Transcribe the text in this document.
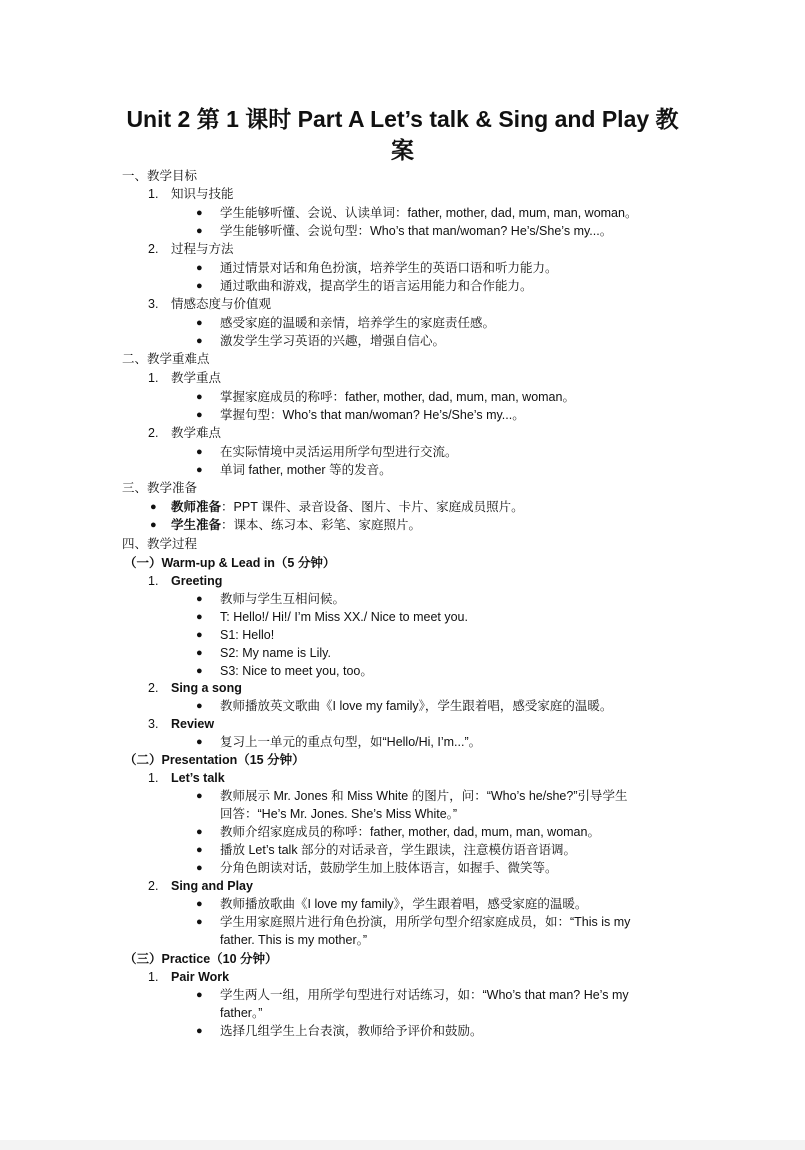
Unit 2 第 1 课时 Part A Let’s talk & Sing and Play 教案
一、教学目标
1. 知识与技能
● 学生能够听懂、会说、认读单词：father, mother, dad, mum, man, woman。
● 学生能够听懂、会说句型：Who’s that man/woman? He’s/She’s my...。
2. 过程与方法
● 通过情景对话和角色扮演，培养学生的英语口语和听力能力。
● 通过歌曲和游戏，提高学生的语言运用能力和合作能力。
3. 情感态度与价值观
● 感受家庭的温暖和亲情，培养学生的家庭责任感。
● 激发学生学习英语的兴趣，增强自信心。
二、教学重难点
1. 教学重点
● 掌握家庭成员的称呼：father, mother, dad, mum, man, woman。
● 掌握句型：Who’s that man/woman? He’s/She’s my...。
2. 教学难点
● 在实际情境中灵活运用所学句型进行交流。
● 单词 father, mother 等的发音。
三、教学准备
● 教师准备：PPT 课件、录音设备、图片、卡片、家庭成员照片。
● 学生准备：课本、练习本、彩笔、家庭照片。
四、教学过程
（一）Warm-up & Lead in（5 分钟）
1. Greeting
● 教师与学生互相问候。
● T: Hello!/ Hi!/ I’m Miss XX./ Nice to meet you.
● S1: Hello!
● S2: My name is Lily.
● S3: Nice to meet you, too。
2. Sing a song
● 教师播放英文歌曲《I love my family》，学生跟着唱，感受家庭的温暖。
3. Review
● 复习上一单元的重点句型，如“Hello/Hi, I’m...”。
（二）Presentation（15 分钟）
1. Let’s talk
● 教师展示 Mr. Jones 和 Miss White 的图片，问：“Who’s he/she?”引导学生
回答：“He’s Mr. Jones. She’s Miss White。”
● 教师介绍家庭成员的称呼：father, mother, dad, mum, man, woman。
● 播放 Let’s talk 部分的对话录音，学生跟读，注意模仿语音语调。
● 分角色朗读对话，鼓励学生加上肢体语言，如握手、微笑等。
2. Sing and Play
● 教师播放歌曲《I love my family》，学生跟着唱，感受家庭的温暖。
● 学生用家庭照片进行角色扮演，用所学句型介绍家庭成员，如：“This is my
father. This is my mother。”
（三）Practice（10 分钟）
1. Pair Work
● 学生两人一组，用所学句型进行对话练习，如：“Who’s that man? He’s my
father。”
● 选择几组学生上台表演，教师给予评价和鼓励。
